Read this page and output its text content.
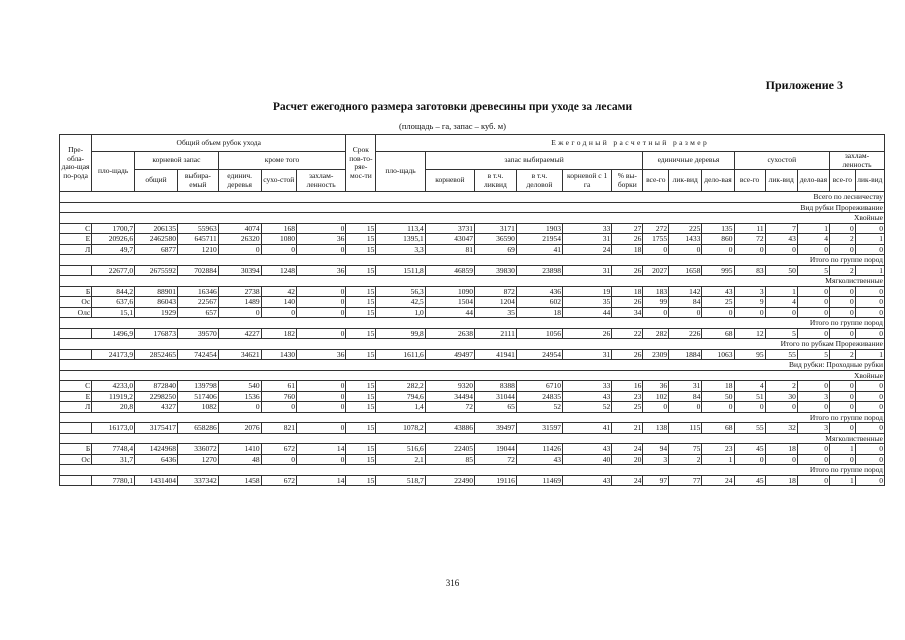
Приложение 3
Расчет ежегодного размера заготовки древесины при уходе за лесами
(площадь – га, запас – куб. м)
Пре-обла-даю-щая по-рода	Общий объем рубок ухода						Срок пов-то-ряе-мос-ти	Ежегодный расчетный размер													
	пло-щадь	корневой запас		кроме того				пло-щадь	запас выбираемый					единичные деревья			сухостой			захлам-ленность	
		общий	выбира-емый	единич. деревья	сухо-стой	захлам-ленность			корневой	в т.ч. ликвид	в т.ч. деловой	корневой с 1 га	% вы-борки	все-го	лик-вид	дело-вая	все-го	лик-вид	дело-вая	все-го	лик-вид
Всего по лесничеству																					
Вид рубки Прореживание																					
Хвойные																					
С	1700,7	206135	55963	4074	168	0	15	113,4	3731	3171	1903	33	27	272	225	135	11	7	1	0	0
Е	20926,6	2462580	645711	26320	1080	36	15	1395,1	43047	36590	21954	31	26	1755	1433	860	72	43	4	2	1
Л	49,7	6877	1210	0	0	0	15	3,3	81	69	41	24	18	0	0	0	0	0	0	0	0
Итого по группе пород																					
	22677,0	2675592	702884	30394	1248	36	15	1511,8	46859	39830	23898	31	26	2027	1658	995	83	50	5	2	1
Мягколиственные																					
Б	844,2	88901	16346	2738	42	0	15	56,3	1090	872	436	19	18	183	142	43	3	1	0	0	0
Ос	637,6	86043	22567	1489	140	0	15	42,5	1504	1204	602	35	26	99	84	25	9	4	0	0	0
Олс	15,1	1929	657	0	0	0	15	1,0	44	35	18	44	34	0	0	0	0	0	0	0	0
Итого по группе пород																					
	1496,9	176873	39570	4227	182	0	15	99,8	2638	2111	1056	26	22	282	226	68	12	5	0	0	0
Итого по рубкам Прореживание																					
	24173,9	2852465	742454	34621	1430	36	15	1611,6	49497	41941	24954	31	26	2309	1884	1063	95	55	5	2	1
Вид рубки: Проходные рубки																					
Хвойные																					
С	4233,0	872840	139798	540	61	0	15	282,2	9320	8388	6710	33	16	36	31	18	4	2	0	0	0
Е	11919,2	2298250	517406	1536	760	0	15	794,6	34494	31044	24835	43	23	102	84	50	51	30	3	0	0
Л	20,8	4327	1082	0	0	0	15	1,4	72	65	52	52	25	0	0	0	0	0	0	0	0
Итого по группе пород																					
	16173,0	3175417	658286	2076	821	0	15	1078,2	43886	39497	31597	41	21	138	115	68	55	32	3	0	0
Мягколиственные																					
Б	7748,4	1424968	336072	1410	672	14	15	516,6	22405	19044	11426	43	24	94	75	23	45	18	0	1	0
Ос	31,7	6436	1270	48	0	0	15	2,1	85	72	43	40	20	3	2	1	0	0	0	0	0
Итого по группе пород																					
	7780,1	1431404	337342	1458	672	14	15	518,7	22490	19116	11469	43	24	97	77	24	45	18	0	1	0
316
